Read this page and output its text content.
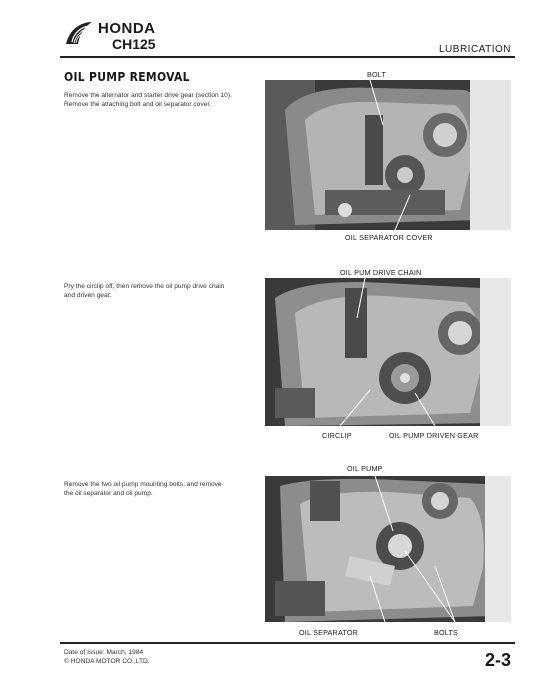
HONDA
CH125	LUBRICATION
OIL PUMP REMOVAL

Remove the alternator and starter drive gear (section 10).

Remove the attaching bolt and oil separator cover.

BOLT
OIL SEPARATOR COVER

Pry the circlip off, then remove the oil pump drive chain and driven gear.

OIL PUM DRIVE CHAIN
CIRCLIP	OIL PUMP DRIVEN GEAR

Remove the two oil pump mounting bolts, and remove the oil separator and oil pump.

OIL PUMP
OIL SEPARATOR	BOLTS
Date of Issue: March, 1984
© HONDA MOTOR CO.,LTD.	2-3
